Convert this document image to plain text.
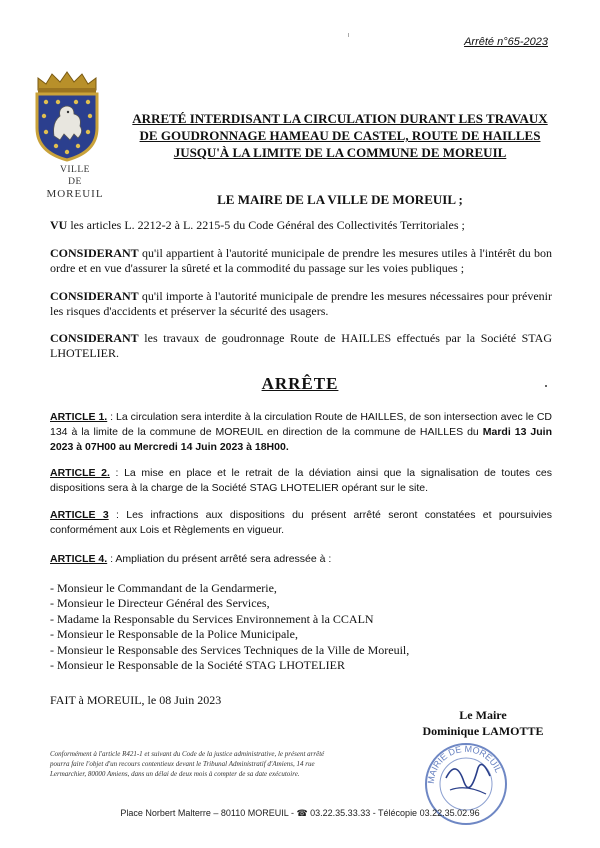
Arrêté n°65-2023
VILLE
DE
MOREUIL
ARRETÉ INTERDISANT LA CIRCULATION DURANT LES TRAVAUX
DE GOUDRONNAGE HAMEAU DE CASTEL, ROUTE DE HAILLES
JUSQU'À LA LIMITE DE LA COMMUNE DE MOREUIL
LE MAIRE DE LA VILLE DE MOREUIL ;
VU les articles L. 2212-2 à L. 2215-5 du Code Général des Collectivités Territoriales ;
CONSIDERANT qu'il appartient à l'autorité municipale de prendre les mesures utiles à l'intérêt du bon ordre et en vue d'assurer la sûreté et la commodité du passage sur les voies publiques ;
CONSIDERANT qu'il importe à l'autorité municipale de prendre les mesures nécessaires pour prévenir les risques d'accidents et préserver la sécurité des usagers.
CONSIDERANT les travaux de goudronnage Route de HAILLES effectués par la Société STAG LHOTELIER.
ARRÊTE
ARTICLE 1. : La circulation sera interdite à la circulation Route de HAILLES, de son intersection avec le CD 134 à la limite de la commune de MOREUIL en direction de la commune de HAILLES du Mardi 13 Juin 2023 à 07H00 au Mercredi 14 Juin 2023 à 18H00.
ARTICLE 2. : La mise en place et le retrait de la déviation ainsi que la signalisation de toutes ces dispositions sera à la charge de la Société STAG LHOTELIER opérant sur le site.
ARTICLE 3 : Les infractions aux dispositions du présent arrêté seront constatées et poursuivies conformément aux Lois et Règlements en vigueur.
ARTICLE 4. : Ampliation du présent arrêté sera adressée à :
- Monsieur le Commandant de la Gendarmerie,
- Monsieur le Directeur Général des Services,
- Madame la Responsable du Services Environnement à la CCALN
- Monsieur le Responsable de la Police Municipale,
- Monsieur le Responsable des Services Techniques de la Ville de Moreuil,
- Monsieur le Responsable de la Société STAG LHOTELIER
FAIT à MOREUIL, le 08 Juin 2023
Le Maire
Dominique LAMOTTE
Conformément à l'article R421-1 et suivant du Code de la justice administrative, le présent arrêté pourra faire l'objet d'un recours contentieux devant le Tribunal Administratif d'Amiens, 14 rue Lermarchier, 80000 Amiens, dans un délai de deux mois à compter de sa date exécutoire.
MAIRIE DE MOREUIL
Place Norbert Malterre – 80110 MOREUIL - ☎ 03.22.35.33.33 - Télécopie 03.22.35.02.96
